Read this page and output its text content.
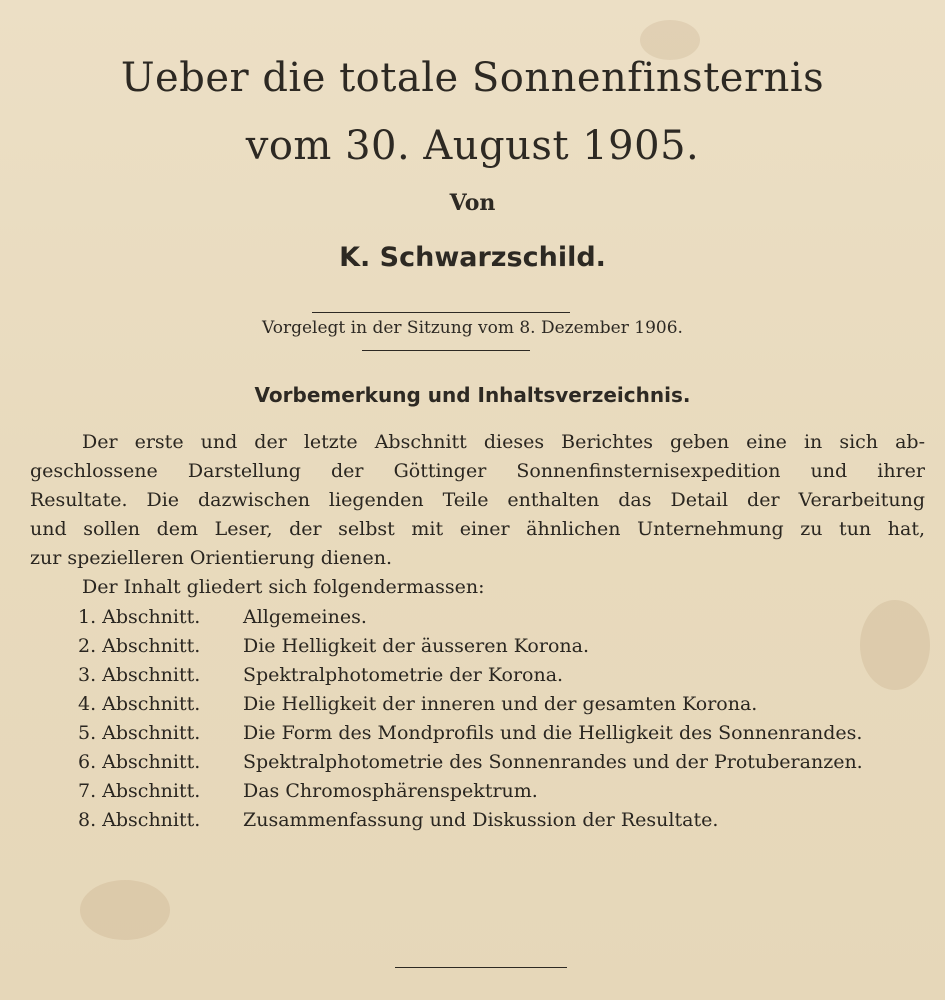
Ueber die totale Sonnenfinsternis
vom 30. August 1905.
Von
K. Schwarzschild.
Vorgelegt in der Sitzung vom 8. Dezember 1906.
Vorbemerkung und Inhaltsverzeichnis.
Der erste und der letzte Abschnitt dieses Berichtes geben eine in sich ab-
geschlossene Darstellung der Göttinger Sonnenfinsternisexpedition und ihrer
Resultate. Die dazwischen liegenden Teile enthalten das Detail der Verarbeitung
und sollen dem Leser, der selbst mit einer ähnlichen Unternehmung zu tun hat,
zur spezielleren Orientierung dienen.
Der Inhalt gliedert sich folgendermassen:
1. Abschnitt. Allgemeines.
2. Abschnitt. Die Helligkeit der äusseren Korona.
3. Abschnitt. Spektralphotometrie der Korona.
4. Abschnitt. Die Helligkeit der inneren und der gesamten Korona.
5. Abschnitt. Die Form des Mondprofils und die Helligkeit des Sonnenrandes.
6. Abschnitt. Spektralphotometrie des Sonnenrandes und der Protuberanzen.
7. Abschnitt. Das Chromosphärenspektrum.
8. Abschnitt. Zusammenfassung und Diskussion der Resultate.
